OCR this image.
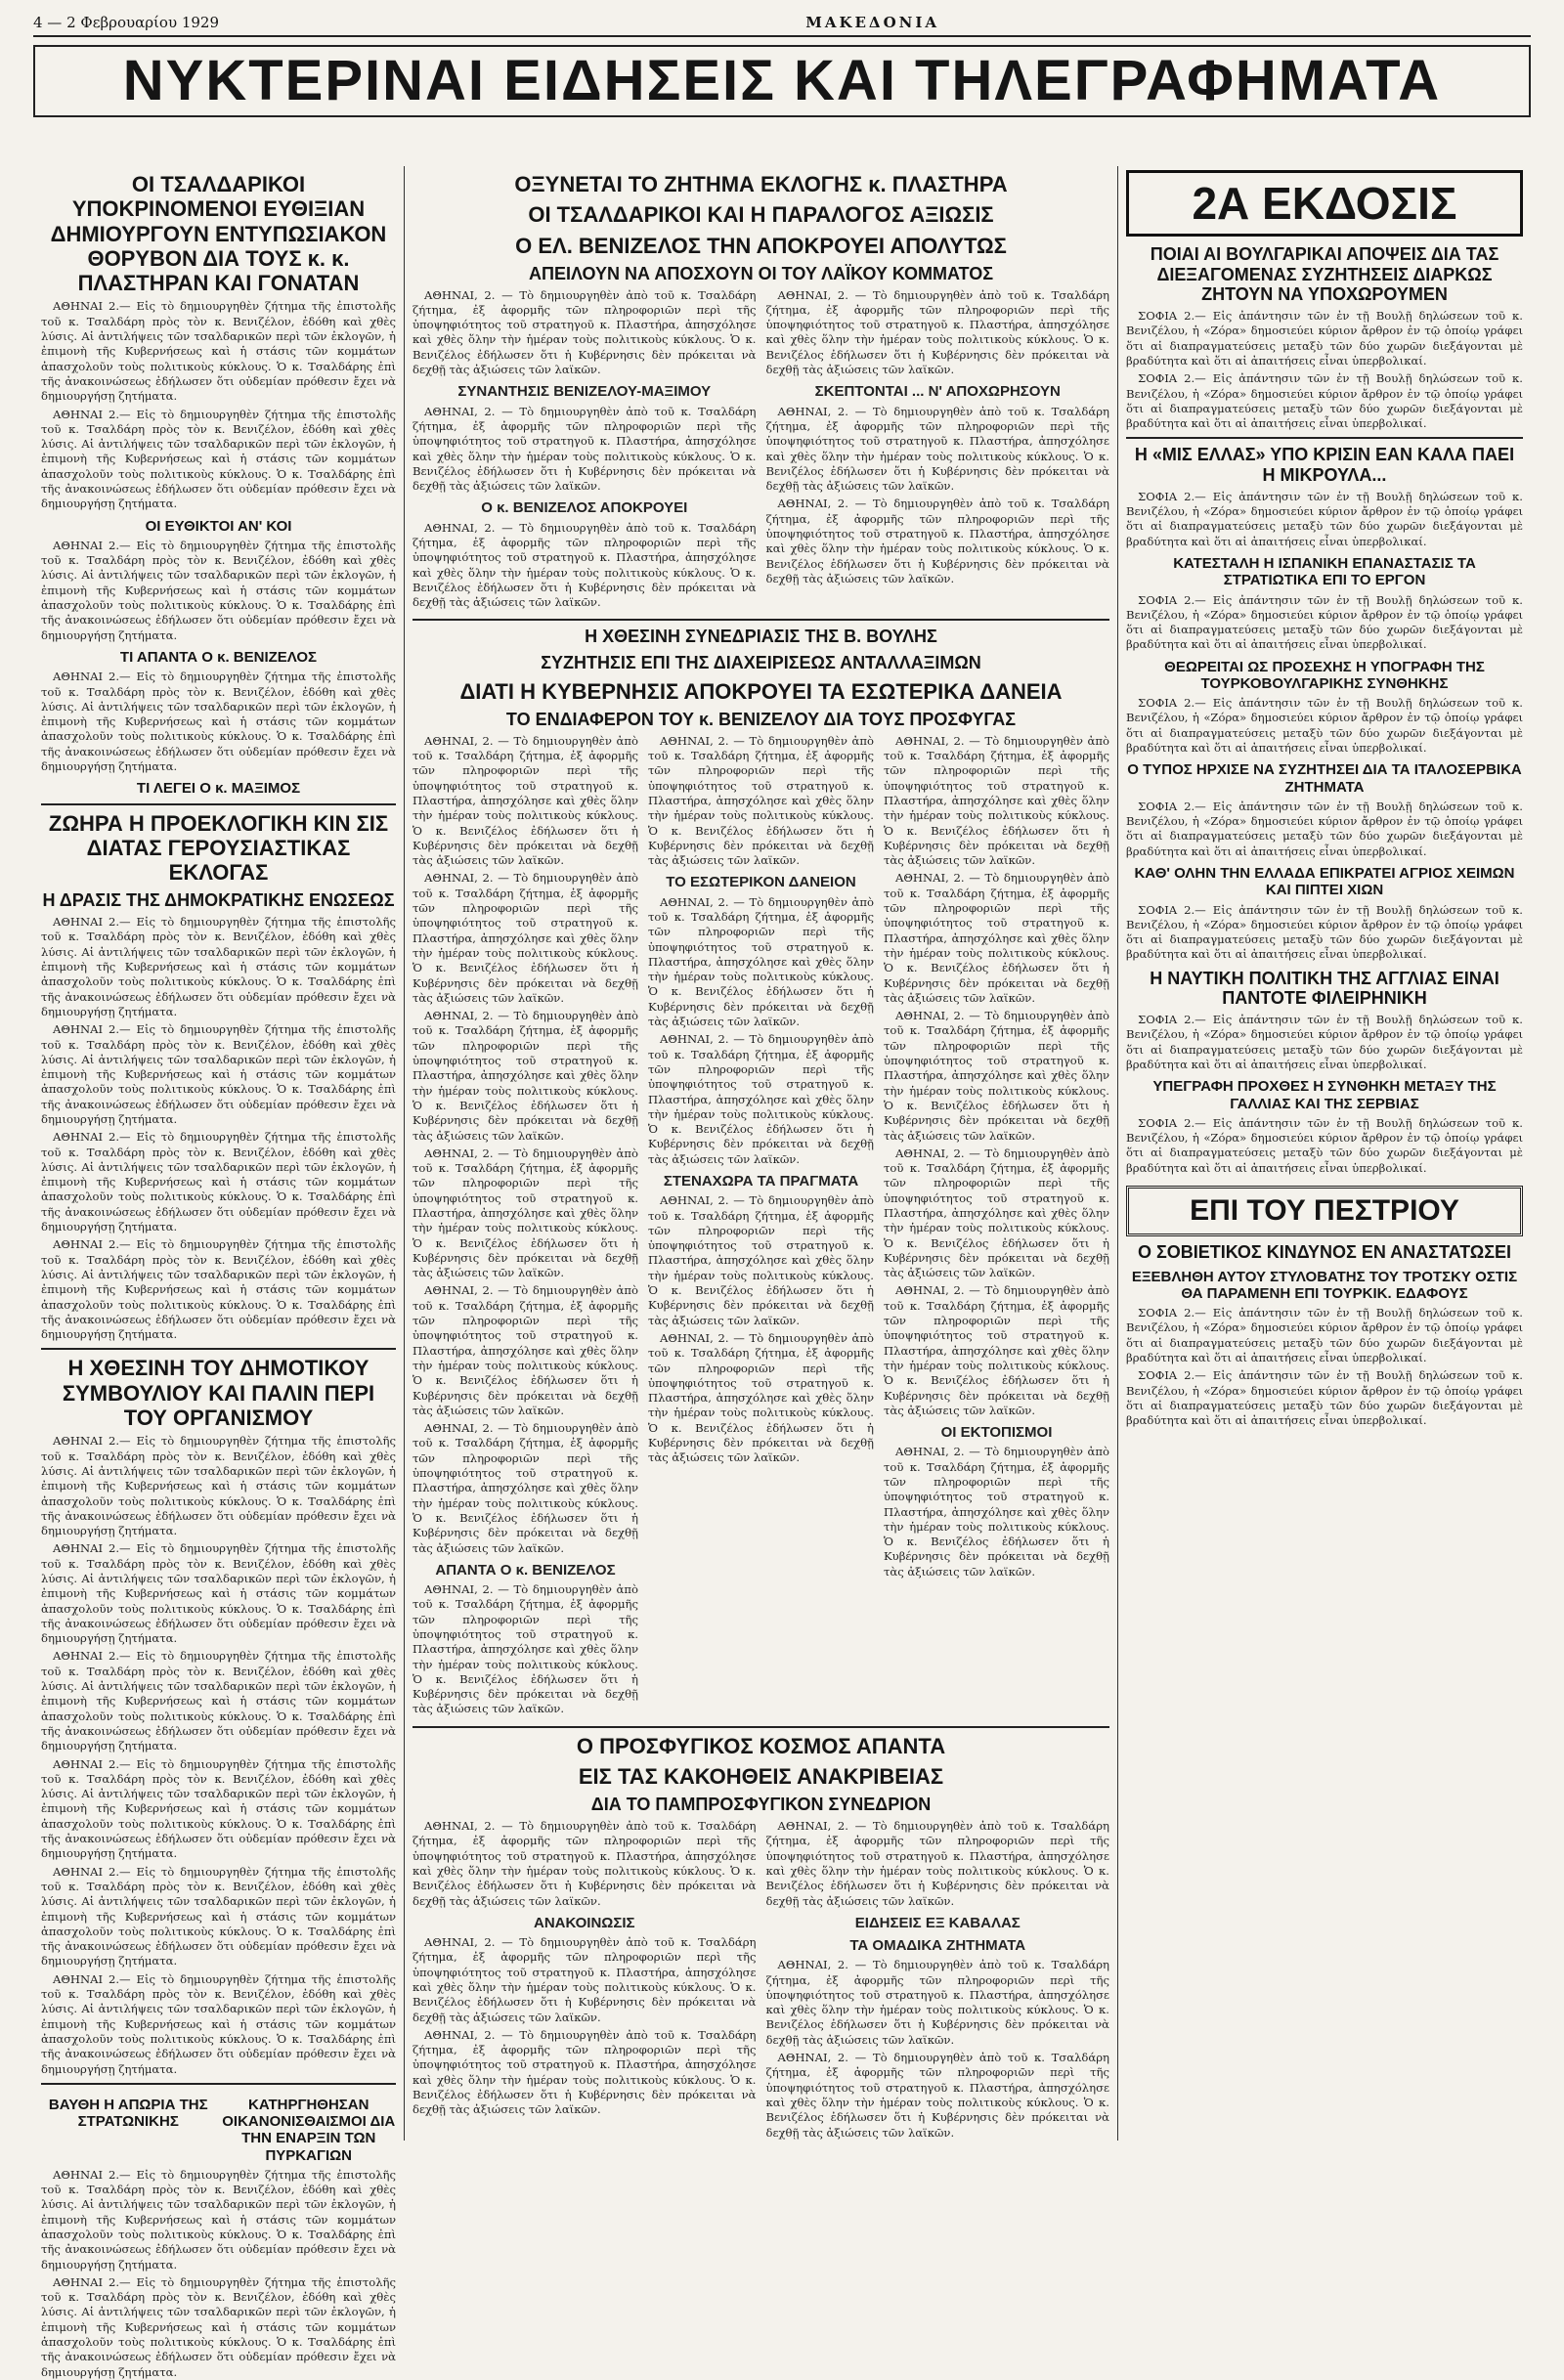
4 — 2 Φεβρουαρίου 1929	ΜΑΚΕΔΟΝΙΑ

ΝΥΚΤΕΡΙΝΑΙ ΕΙΔΗΣΕΙΣ ΚΑΙ ΤΗΛΕΓΡΑΦΗΜΑΤΑ
ΟΙ ΤΣΑΛΔΑΡΙΚΟΙ ΥΠΟΚΡΙΝΟΜΕΝΟΙ ΕΥΘΙΞΙΑΝ ΔΗΜΙΟΥΡΓΟΥΝ ΕΝΤΥΠΩΣΙΑΚΟΝ ΘΟΡΥΒΟΝ ΔΙΑ ΤΟΥΣ κ. κ. ΠΛΑΣΤΗΡΑΝ ΚΑΙ ΓΟΝΑΤΑΝ

ΑΘΗΝΑΙ 2.— Εἰς τὸ δημιουργηθὲν ζήτημα τῆς ἐπιστολῆς τοῦ κ. Τσαλδάρη πρὸς τὸν κ. Βενιζέλον, ἐδόθη καὶ χθὲς λύσις. Αἱ ἀντιλήψεις τῶν τσαλδαρικῶν περὶ τῶν ἐκλογῶν, ἡ ἐπιμονὴ τῆς Κυβερνήσεως καὶ ἡ στάσις τῶν κομμάτων ἀπασχολοῦν τοὺς πολιτικοὺς κύκλους. Ὁ κ. Τσαλδάρης ἐπὶ τῆς ἀνακοινώσεως ἐδήλωσεν ὅτι οὐδεμίαν πρόθεσιν ἔχει νὰ δημιουργήσῃ ζητήματα.

ΑΘΗΝΑΙ 2.— Εἰς τὸ δημιουργηθὲν ζήτημα τῆς ἐπιστολῆς τοῦ κ. Τσαλδάρη πρὸς τὸν κ. Βενιζέλον, ἐδόθη καὶ χθὲς λύσις. Αἱ ἀντιλήψεις τῶν τσαλδαρικῶν περὶ τῶν ἐκλογῶν, ἡ ἐπιμονὴ τῆς Κυβερνήσεως καὶ ἡ στάσις τῶν κομμάτων ἀπασχολοῦν τοὺς πολιτικοὺς κύκλους. Ὁ κ. Τσαλδάρης ἐπὶ τῆς ἀνακοινώσεως ἐδήλωσεν ὅτι οὐδεμίαν πρόθεσιν ἔχει νὰ δημιουργήσῃ ζητήματα.

ΟΙ ΕΥΘΙΚΤΟΙ ΑΝ' ΚΟΙ

ΑΘΗΝΑΙ 2.— Εἰς τὸ δημιουργηθὲν ζήτημα τῆς ἐπιστολῆς τοῦ κ. Τσαλδάρη πρὸς τὸν κ. Βενιζέλον, ἐδόθη καὶ χθὲς λύσις. Αἱ ἀντιλήψεις τῶν τσαλδαρικῶν περὶ τῶν ἐκλογῶν, ἡ ἐπιμονὴ τῆς Κυβερνήσεως καὶ ἡ στάσις τῶν κομμάτων ἀπασχολοῦν τοὺς πολιτικοὺς κύκλους. Ὁ κ. Τσαλδάρης ἐπὶ τῆς ἀνακοινώσεως ἐδήλωσεν ὅτι οὐδεμίαν πρόθεσιν ἔχει νὰ δημιουργήσῃ ζητήματα.

ΤΙ ΑΠΑΝΤΑ Ο κ. ΒΕΝΙΖΕΛΟΣ

ΑΘΗΝΑΙ 2.— Εἰς τὸ δημιουργηθὲν ζήτημα τῆς ἐπιστολῆς τοῦ κ. Τσαλδάρη πρὸς τὸν κ. Βενιζέλον, ἐδόθη καὶ χθὲς λύσις. Αἱ ἀντιλήψεις τῶν τσαλδαρικῶν περὶ τῶν ἐκλογῶν, ἡ ἐπιμονὴ τῆς Κυβερνήσεως καὶ ἡ στάσις τῶν κομμάτων ἀπασχολοῦν τοὺς πολιτικοὺς κύκλους. Ὁ κ. Τσαλδάρης ἐπὶ τῆς ἀνακοινώσεως ἐδήλωσεν ὅτι οὐδεμίαν πρόθεσιν ἔχει νὰ δημιουργήσῃ ζητήματα.

ΤΙ ΛΕΓΕΙ Ο κ. ΜΑΞΙΜΟΣ
ΖΩΗΡΑ Η ΠΡΟΕΚΛΟΓΙΚΗ ΚΙΝ ΣΙΣ ΔΙΑΤΑΣ ΓΕΡΟΥΣΙΑΣΤΙΚΑΣ ΕΚΛΟΓΑΣ
Η ΔΡΑΣΙΣ ΤΗΣ ΔΗΜΟΚΡΑΤΙΚΗΣ ΕΝΩΣΕΩΣ

ΑΘΗΝΑΙ 2.— Εἰς τὸ δημιουργηθὲν ζήτημα τῆς ἐπιστολῆς τοῦ κ. Τσαλδάρη πρὸς τὸν κ. Βενιζέλον, ἐδόθη καὶ χθὲς λύσις. Αἱ ἀντιλήψεις τῶν τσαλδαρικῶν περὶ τῶν ἐκλογῶν, ἡ ἐπιμονὴ τῆς Κυβερνήσεως καὶ ἡ στάσις τῶν κομμάτων ἀπασχολοῦν τοὺς πολιτικοὺς κύκλους. Ὁ κ. Τσαλδάρης ἐπὶ τῆς ἀνακοινώσεως ἐδήλωσεν ὅτι οὐδεμίαν πρόθεσιν ἔχει νὰ δημιουργήσῃ ζητήματα.

ΑΘΗΝΑΙ 2.— Εἰς τὸ δημιουργηθὲν ζήτημα τῆς ἐπιστολῆς τοῦ κ. Τσαλδάρη πρὸς τὸν κ. Βενιζέλον, ἐδόθη καὶ χθὲς λύσις. Αἱ ἀντιλήψεις τῶν τσαλδαρικῶν περὶ τῶν ἐκλογῶν, ἡ ἐπιμονὴ τῆς Κυβερνήσεως καὶ ἡ στάσις τῶν κομμάτων ἀπασχολοῦν τοὺς πολιτικοὺς κύκλους. Ὁ κ. Τσαλδάρης ἐπὶ τῆς ἀνακοινώσεως ἐδήλωσεν ὅτι οὐδεμίαν πρόθεσιν ἔχει νὰ δημιουργήσῃ ζητήματα.

ΑΘΗΝΑΙ 2.— Εἰς τὸ δημιουργηθὲν ζήτημα τῆς ἐπιστολῆς τοῦ κ. Τσαλδάρη πρὸς τὸν κ. Βενιζέλον, ἐδόθη καὶ χθὲς λύσις. Αἱ ἀντιλήψεις τῶν τσαλδαρικῶν περὶ τῶν ἐκλογῶν, ἡ ἐπιμονὴ τῆς Κυβερνήσεως καὶ ἡ στάσις τῶν κομμάτων ἀπασχολοῦν τοὺς πολιτικοὺς κύκλους. Ὁ κ. Τσαλδάρης ἐπὶ τῆς ἀνακοινώσεως ἐδήλωσεν ὅτι οὐδεμίαν πρόθεσιν ἔχει νὰ δημιουργήσῃ ζητήματα.

ΑΘΗΝΑΙ 2.— Εἰς τὸ δημιουργηθὲν ζήτημα τῆς ἐπιστολῆς τοῦ κ. Τσαλδάρη πρὸς τὸν κ. Βενιζέλον, ἐδόθη καὶ χθὲς λύσις. Αἱ ἀντιλήψεις τῶν τσαλδαρικῶν περὶ τῶν ἐκλογῶν, ἡ ἐπιμονὴ τῆς Κυβερνήσεως καὶ ἡ στάσις τῶν κομμάτων ἀπασχολοῦν τοὺς πολιτικοὺς κύκλους. Ὁ κ. Τσαλδάρης ἐπὶ τῆς ἀνακοινώσεως ἐδήλωσεν ὅτι οὐδεμίαν πρόθεσιν ἔχει νὰ δημιουργήσῃ ζητήματα.

Η ΧΘΕΣΙΝΗ ΤΟΥ ΔΗΜΟΤΙΚΟΥ ΣΥΜΒΟΥΛΙΟΥ ΚΑΙ ΠΑΛΙΝ ΠΕΡΙ ΤΟΥ ΟΡΓΑΝΙΣΜΟΥ

ΑΘΗΝΑΙ 2.— Εἰς τὸ δημιουργηθὲν ζήτημα τῆς ἐπιστολῆς τοῦ κ. Τσαλδάρη πρὸς τὸν κ. Βενιζέλον, ἐδόθη καὶ χθὲς λύσις. Αἱ ἀντιλήψεις τῶν τσαλδαρικῶν περὶ τῶν ἐκλογῶν, ἡ ἐπιμονὴ τῆς Κυβερνήσεως καὶ ἡ στάσις τῶν κομμάτων ἀπασχολοῦν τοὺς πολιτικοὺς κύκλους. Ὁ κ. Τσαλδάρης ἐπὶ τῆς ἀνακοινώσεως ἐδήλωσεν ὅτι οὐδεμίαν πρόθεσιν ἔχει νὰ δημιουργήσῃ ζητήματα.

ΑΘΗΝΑΙ 2.— Εἰς τὸ δημιουργηθὲν ζήτημα τῆς ἐπιστολῆς τοῦ κ. Τσαλδάρη πρὸς τὸν κ. Βενιζέλον, ἐδόθη καὶ χθὲς λύσις. Αἱ ἀντιλήψεις τῶν τσαλδαρικῶν περὶ τῶν ἐκλογῶν, ἡ ἐπιμονὴ τῆς Κυβερνήσεως καὶ ἡ στάσις τῶν κομμάτων ἀπασχολοῦν τοὺς πολιτικοὺς κύκλους. Ὁ κ. Τσαλδάρης ἐπὶ τῆς ἀνακοινώσεως ἐδήλωσεν ὅτι οὐδεμίαν πρόθεσιν ἔχει νὰ δημιουργήσῃ ζητήματα.

ΑΘΗΝΑΙ 2.— Εἰς τὸ δημιουργηθὲν ζήτημα τῆς ἐπιστολῆς τοῦ κ. Τσαλδάρη πρὸς τὸν κ. Βενιζέλον, ἐδόθη καὶ χθὲς λύσις. Αἱ ἀντιλήψεις τῶν τσαλδαρικῶν περὶ τῶν ἐκλογῶν, ἡ ἐπιμονὴ τῆς Κυβερνήσεως καὶ ἡ στάσις τῶν κομμάτων ἀπασχολοῦν τοὺς πολιτικοὺς κύκλους. Ὁ κ. Τσαλδάρης ἐπὶ τῆς ἀνακοινώσεως ἐδήλωσεν ὅτι οὐδεμίαν πρόθεσιν ἔχει νὰ δημιουργήσῃ ζητήματα.

ΑΘΗΝΑΙ 2.— Εἰς τὸ δημιουργηθὲν ζήτημα τῆς ἐπιστολῆς τοῦ κ. Τσαλδάρη πρὸς τὸν κ. Βενιζέλον, ἐδόθη καὶ χθὲς λύσις. Αἱ ἀντιλήψεις τῶν τσαλδαρικῶν περὶ τῶν ἐκλογῶν, ἡ ἐπιμονὴ τῆς Κυβερνήσεως καὶ ἡ στάσις τῶν κομμάτων ἀπασχολοῦν τοὺς πολιτικοὺς κύκλους. Ὁ κ. Τσαλδάρης ἐπὶ τῆς ἀνακοινώσεως ἐδήλωσεν ὅτι οὐδεμίαν πρόθεσιν ἔχει νὰ δημιουργήσῃ ζητήματα.

ΑΘΗΝΑΙ 2.— Εἰς τὸ δημιουργηθὲν ζήτημα τῆς ἐπιστολῆς τοῦ κ. Τσαλδάρη πρὸς τὸν κ. Βενιζέλον, ἐδόθη καὶ χθὲς λύσις. Αἱ ἀντιλήψεις τῶν τσαλδαρικῶν περὶ τῶν ἐκλογῶν, ἡ ἐπιμονὴ τῆς Κυβερνήσεως καὶ ἡ στάσις τῶν κομμάτων ἀπασχολοῦν τοὺς πολιτικοὺς κύκλους. Ὁ κ. Τσαλδάρης ἐπὶ τῆς ἀνακοινώσεως ἐδήλωσεν ὅτι οὐδεμίαν πρόθεσιν ἔχει νὰ δημιουργήσῃ ζητήματα.

ΑΘΗΝΑΙ 2.— Εἰς τὸ δημιουργηθὲν ζήτημα τῆς ἐπιστολῆς τοῦ κ. Τσαλδάρη πρὸς τὸν κ. Βενιζέλον, ἐδόθη καὶ χθὲς λύσις. Αἱ ἀντιλήψεις τῶν τσαλδαρικῶν περὶ τῶν ἐκλογῶν, ἡ ἐπιμονὴ τῆς Κυβερνήσεως καὶ ἡ στάσις τῶν κομμάτων ἀπασχολοῦν τοὺς πολιτικοὺς κύκλους. Ὁ κ. Τσαλδάρης ἐπὶ τῆς ἀνακοινώσεως ἐδήλωσεν ὅτι οὐδεμίαν πρόθεσιν ἔχει νὰ δημιουργήσῃ ζητήματα.

ΒΑΥΘΗ Η ΑΠΩΡΙΑ ΤΗΣ ΣΤΡΑΤΩΝΙΚΗΣ
ΚΑΤΗΡΓΗΘΗΣΑΝ ΟΙΚΑΝΟΝΙΣΘΑΙΣΜΟΙ ΔΙΑ ΤΗΝ ΕΝΑΡΞΙΝ ΤΩΝ ΠΥΡΚΑΓΙΩΝ

ΑΘΗΝΑΙ 2.— Εἰς τὸ δημιουργηθὲν ζήτημα τῆς ἐπιστολῆς τοῦ κ. Τσαλδάρη πρὸς τὸν κ. Βενιζέλον, ἐδόθη καὶ χθὲς λύσις. Αἱ ἀντιλήψεις τῶν τσαλδαρικῶν περὶ τῶν ἐκλογῶν, ἡ ἐπιμονὴ τῆς Κυβερνήσεως καὶ ἡ στάσις τῶν κομμάτων ἀπασχολοῦν τοὺς πολιτικοὺς κύκλους. Ὁ κ. Τσαλδάρης ἐπὶ τῆς ἀνακοινώσεως ἐδήλωσεν ὅτι οὐδεμίαν πρόθεσιν ἔχει νὰ δημιουργήσῃ ζητήματα.

ΑΘΗΝΑΙ 2.— Εἰς τὸ δημιουργηθὲν ζήτημα τῆς ἐπιστολῆς τοῦ κ. Τσαλδάρη πρὸς τὸν κ. Βενιζέλον, ἐδόθη καὶ χθὲς λύσις. Αἱ ἀντιλήψεις τῶν τσαλδαρικῶν περὶ τῶν ἐκλογῶν, ἡ ἐπιμονὴ τῆς Κυβερνήσεως καὶ ἡ στάσις τῶν κομμάτων ἀπασχολοῦν τοὺς πολιτικοὺς κύκλους. Ὁ κ. Τσαλδάρης ἐπὶ τῆς ἀνακοινώσεως ἐδήλωσεν ὅτι οὐδεμίαν πρόθεσιν ἔχει νὰ δημιουργήσῃ ζητήματα.

ΟΞΥΝΕΤΑΙ ΤΟ ΖΗΤΗΜΑ ΕΚΛΟΓΗΣ κ. ΠΛΑΣΤΗΡΑ
ΟΙ ΤΣΑΛΔΑΡΙΚΟΙ ΚΑΙ Η ΠΑΡΑΛΟΓΟΣ ΑΞΙΩΣΙΣ
Ο ΕΛ. ΒΕΝΙΖΕΛΟΣ ΤΗΝ ΑΠΟΚΡΟΥΕΙ ΑΠΟΛΥΤΩΣ
ΑΠΕΙΛΟΥΝ ΝΑ ΑΠΟΣΧΟΥΝ ΟΙ ΤΟΥ ΛΑΪΚΟΥ ΚΟΜΜΑΤΟΣ

ΑΘΗΝΑΙ, 2. — Τὸ δημιουργηθὲν ἀπὸ τοῦ κ. Τσαλδάρη ζήτημα, ἐξ ἀφορμῆς τῶν πληροφοριῶν περὶ τῆς ὑποψηφιότητος τοῦ στρατηγοῦ κ. Πλαστήρα, ἀπησχόλησε καὶ χθὲς ὅλην τὴν ἡμέραν τοὺς πολιτικοὺς κύκλους. Ὁ κ. Βενιζέλος ἐδήλωσεν ὅτι ἡ Κυβέρνησις δὲν πρόκειται νὰ δεχθῇ τὰς ἀξιώσεις τῶν λαϊκῶν.

ΣΥΝΑΝΤΗΣΙΣ ΒΕΝΙΖΕΛΟΥ-ΜΑΞΙΜΟΥ

ΑΘΗΝΑΙ, 2. — Τὸ δημιουργηθὲν ἀπὸ τοῦ κ. Τσαλδάρη ζήτημα, ἐξ ἀφορμῆς τῶν πληροφοριῶν περὶ τῆς ὑποψηφιότητος τοῦ στρατηγοῦ κ. Πλαστήρα, ἀπησχόλησε καὶ χθὲς ὅλην τὴν ἡμέραν τοὺς πολιτικοὺς κύκλους. Ὁ κ. Βενιζέλος ἐδήλωσεν ὅτι ἡ Κυβέρνησις δὲν πρόκειται νὰ δεχθῇ τὰς ἀξιώσεις τῶν λαϊκῶν.

Ο κ. ΒΕΝΙΖΕΛΟΣ ΑΠΟΚΡΟΥΕΙ

ΑΘΗΝΑΙ, 2. — Τὸ δημιουργηθὲν ἀπὸ τοῦ κ. Τσαλδάρη ζήτημα, ἐξ ἀφορμῆς τῶν πληροφοριῶν περὶ τῆς ὑποψηφιότητος τοῦ στρατηγοῦ κ. Πλαστήρα, ἀπησχόλησε καὶ χθὲς ὅλην τὴν ἡμέραν τοὺς πολιτικοὺς κύκλους. Ὁ κ. Βενιζέλος ἐδήλωσεν ὅτι ἡ Κυβέρνησις δὲν πρόκειται νὰ δεχθῇ τὰς ἀξιώσεις τῶν λαϊκῶν.

ΑΘΗΝΑΙ, 2. — Τὸ δημιουργηθὲν ἀπὸ τοῦ κ. Τσαλδάρη ζήτημα, ἐξ ἀφορμῆς τῶν πληροφοριῶν περὶ τῆς ὑποψηφιότητος τοῦ στρατηγοῦ κ. Πλαστήρα, ἀπησχόλησε καὶ χθὲς ὅλην τὴν ἡμέραν τοὺς πολιτικοὺς κύκλους. Ὁ κ. Βενιζέλος ἐδήλωσεν ὅτι ἡ Κυβέρνησις δὲν πρόκειται νὰ δεχθῇ τὰς ἀξιώσεις τῶν λαϊκῶν.

ΣΚΕΠΤΟΝΤΑΙ ... Ν' ΑΠΟΧΩΡΗΣΟΥΝ

ΑΘΗΝΑΙ, 2. — Τὸ δημιουργηθὲν ἀπὸ τοῦ κ. Τσαλδάρη ζήτημα, ἐξ ἀφορμῆς τῶν πληροφοριῶν περὶ τῆς ὑποψηφιότητος τοῦ στρατηγοῦ κ. Πλαστήρα, ἀπησχόλησε καὶ χθὲς ὅλην τὴν ἡμέραν τοὺς πολιτικοὺς κύκλους. Ὁ κ. Βενιζέλος ἐδήλωσεν ὅτι ἡ Κυβέρνησις δὲν πρόκειται νὰ δεχθῇ τὰς ἀξιώσεις τῶν λαϊκῶν.

ΑΘΗΝΑΙ, 2. — Τὸ δημιουργηθὲν ἀπὸ τοῦ κ. Τσαλδάρη ζήτημα, ἐξ ἀφορμῆς τῶν πληροφοριῶν περὶ τῆς ὑποψηφιότητος τοῦ στρατηγοῦ κ. Πλαστήρα, ἀπησχόλησε καὶ χθὲς ὅλην τὴν ἡμέραν τοὺς πολιτικοὺς κύκλους. Ὁ κ. Βενιζέλος ἐδήλωσεν ὅτι ἡ Κυβέρνησις δὲν πρόκειται νὰ δεχθῇ τὰς ἀξιώσεις τῶν λαϊκῶν.

Η ΧΘΕΣΙΝΗ ΣΥΝΕΔΡΙΑΣΙΣ ΤΗΣ Β. ΒΟΥΛΗΣ
ΣΥΖΗΤΗΣΙΣ ΕΠΙ ΤΗΣ ΔΙΑΧΕΙΡΙΣΕΩΣ ΑΝΤΑΛΛΑΞΙΜΩΝ
ΔΙΑΤΙ Η ΚΥΒΕΡΝΗΣΙΣ ΑΠΟΚΡΟΥΕΙ ΤΑ ΕΣΩΤΕΡΙΚΑ ΔΑΝΕΙΑ
ΤΟ ΕΝΔΙΑΦΕΡΟΝ ΤΟΥ κ. ΒΕΝΙΖΕΛΟΥ ΔΙΑ ΤΟΥΣ ΠΡΟΣΦΥΓΑΣ

ΑΘΗΝΑΙ, 2. — Τὸ δημιουργηθὲν ἀπὸ τοῦ κ. Τσαλδάρη ζήτημα, ἐξ ἀφορμῆς τῶν πληροφοριῶν περὶ τῆς ὑποψηφιότητος τοῦ στρατηγοῦ κ. Πλαστήρα, ἀπησχόλησε καὶ χθὲς ὅλην τὴν ἡμέραν τοὺς πολιτικοὺς κύκλους. Ὁ κ. Βενιζέλος ἐδήλωσεν ὅτι ἡ Κυβέρνησις δὲν πρόκειται νὰ δεχθῇ τὰς ἀξιώσεις τῶν λαϊκῶν.

ΑΘΗΝΑΙ, 2. — Τὸ δημιουργηθὲν ἀπὸ τοῦ κ. Τσαλδάρη ζήτημα, ἐξ ἀφορμῆς τῶν πληροφοριῶν περὶ τῆς ὑποψηφιότητος τοῦ στρατηγοῦ κ. Πλαστήρα, ἀπησχόλησε καὶ χθὲς ὅλην τὴν ἡμέραν τοὺς πολιτικοὺς κύκλους. Ὁ κ. Βενιζέλος ἐδήλωσεν ὅτι ἡ Κυβέρνησις δὲν πρόκειται νὰ δεχθῇ τὰς ἀξιώσεις τῶν λαϊκῶν.

ΑΘΗΝΑΙ, 2. — Τὸ δημιουργηθὲν ἀπὸ τοῦ κ. Τσαλδάρη ζήτημα, ἐξ ἀφορμῆς τῶν πληροφοριῶν περὶ τῆς ὑποψηφιότητος τοῦ στρατηγοῦ κ. Πλαστήρα, ἀπησχόλησε καὶ χθὲς ὅλην τὴν ἡμέραν τοὺς πολιτικοὺς κύκλους. Ὁ κ. Βενιζέλος ἐδήλωσεν ὅτι ἡ Κυβέρνησις δὲν πρόκειται νὰ δεχθῇ τὰς ἀξιώσεις τῶν λαϊκῶν.

ΑΘΗΝΑΙ, 2. — Τὸ δημιουργηθὲν ἀπὸ τοῦ κ. Τσαλδάρη ζήτημα, ἐξ ἀφορμῆς τῶν πληροφοριῶν περὶ τῆς ὑποψηφιότητος τοῦ στρατηγοῦ κ. Πλαστήρα, ἀπησχόλησε καὶ χθὲς ὅλην τὴν ἡμέραν τοὺς πολιτικοὺς κύκλους. Ὁ κ. Βενιζέλος ἐδήλωσεν ὅτι ἡ Κυβέρνησις δὲν πρόκειται νὰ δεχθῇ τὰς ἀξιώσεις τῶν λαϊκῶν.

ΑΘΗΝΑΙ, 2. — Τὸ δημιουργηθὲν ἀπὸ τοῦ κ. Τσαλδάρη ζήτημα, ἐξ ἀφορμῆς τῶν πληροφοριῶν περὶ τῆς ὑποψηφιότητος τοῦ στρατηγοῦ κ. Πλαστήρα, ἀπησχόλησε καὶ χθὲς ὅλην τὴν ἡμέραν τοὺς πολιτικοὺς κύκλους. Ὁ κ. Βενιζέλος ἐδήλωσεν ὅτι ἡ Κυβέρνησις δὲν πρόκειται νὰ δεχθῇ τὰς ἀξιώσεις τῶν λαϊκῶν.

ΑΘΗΝΑΙ, 2. — Τὸ δημιουργηθὲν ἀπὸ τοῦ κ. Τσαλδάρη ζήτημα, ἐξ ἀφορμῆς τῶν πληροφοριῶν περὶ τῆς ὑποψηφιότητος τοῦ στρατηγοῦ κ. Πλαστήρα, ἀπησχόλησε καὶ χθὲς ὅλην τὴν ἡμέραν τοὺς πολιτικοὺς κύκλους. Ὁ κ. Βενιζέλος ἐδήλωσεν ὅτι ἡ Κυβέρνησις δὲν πρόκειται νὰ δεχθῇ τὰς ἀξιώσεις τῶν λαϊκῶν.

ΑΠΑΝΤΑ Ο κ. ΒΕΝΙΖΕΛΟΣ

ΑΘΗΝΑΙ, 2. — Τὸ δημιουργηθὲν ἀπὸ τοῦ κ. Τσαλδάρη ζήτημα, ἐξ ἀφορμῆς τῶν πληροφοριῶν περὶ τῆς ὑποψηφιότητος τοῦ στρατηγοῦ κ. Πλαστήρα, ἀπησχόλησε καὶ χθὲς ὅλην τὴν ἡμέραν τοὺς πολιτικοὺς κύκλους. Ὁ κ. Βενιζέλος ἐδήλωσεν ὅτι ἡ Κυβέρνησις δὲν πρόκειται νὰ δεχθῇ τὰς ἀξιώσεις τῶν λαϊκῶν.

ΑΘΗΝΑΙ, 2. — Τὸ δημιουργηθὲν ἀπὸ τοῦ κ. Τσαλδάρη ζήτημα, ἐξ ἀφορμῆς τῶν πληροφοριῶν περὶ τῆς ὑποψηφιότητος τοῦ στρατηγοῦ κ. Πλαστήρα, ἀπησχόλησε καὶ χθὲς ὅλην τὴν ἡμέραν τοὺς πολιτικοὺς κύκλους. Ὁ κ. Βενιζέλος ἐδήλωσεν ὅτι ἡ Κυβέρνησις δὲν πρόκειται νὰ δεχθῇ τὰς ἀξιώσεις τῶν λαϊκῶν.

ΤΟ ΕΣΩΤΕΡΙΚΟΝ ΔΑΝΕΙΟΝ

ΑΘΗΝΑΙ, 2. — Τὸ δημιουργηθὲν ἀπὸ τοῦ κ. Τσαλδάρη ζήτημα, ἐξ ἀφορμῆς τῶν πληροφοριῶν περὶ τῆς ὑποψηφιότητος τοῦ στρατηγοῦ κ. Πλαστήρα, ἀπησχόλησε καὶ χθὲς ὅλην τὴν ἡμέραν τοὺς πολιτικοὺς κύκλους. Ὁ κ. Βενιζέλος ἐδήλωσεν ὅτι ἡ Κυβέρνησις δὲν πρόκειται νὰ δεχθῇ τὰς ἀξιώσεις τῶν λαϊκῶν.

ΑΘΗΝΑΙ, 2. — Τὸ δημιουργηθὲν ἀπὸ τοῦ κ. Τσαλδάρη ζήτημα, ἐξ ἀφορμῆς τῶν πληροφοριῶν περὶ τῆς ὑποψηφιότητος τοῦ στρατηγοῦ κ. Πλαστήρα, ἀπησχόλησε καὶ χθὲς ὅλην τὴν ἡμέραν τοὺς πολιτικοὺς κύκλους. Ὁ κ. Βενιζέλος ἐδήλωσεν ὅτι ἡ Κυβέρνησις δὲν πρόκειται νὰ δεχθῇ τὰς ἀξιώσεις τῶν λαϊκῶν.

ΣΤΕΝΑΧΩΡΑ ΤΑ ΠΡΑΓΜΑΤΑ

ΑΘΗΝΑΙ, 2. — Τὸ δημιουργηθὲν ἀπὸ τοῦ κ. Τσαλδάρη ζήτημα, ἐξ ἀφορμῆς τῶν πληροφοριῶν περὶ τῆς ὑποψηφιότητος τοῦ στρατηγοῦ κ. Πλαστήρα, ἀπησχόλησε καὶ χθὲς ὅλην τὴν ἡμέραν τοὺς πολιτικοὺς κύκλους. Ὁ κ. Βενιζέλος ἐδήλωσεν ὅτι ἡ Κυβέρνησις δὲν πρόκειται νὰ δεχθῇ τὰς ἀξιώσεις τῶν λαϊκῶν.

ΑΘΗΝΑΙ, 2. — Τὸ δημιουργηθὲν ἀπὸ τοῦ κ. Τσαλδάρη ζήτημα, ἐξ ἀφορμῆς τῶν πληροφοριῶν περὶ τῆς ὑποψηφιότητος τοῦ στρατηγοῦ κ. Πλαστήρα, ἀπησχόλησε καὶ χθὲς ὅλην τὴν ἡμέραν τοὺς πολιτικοὺς κύκλους. Ὁ κ. Βενιζέλος ἐδήλωσεν ὅτι ἡ Κυβέρνησις δὲν πρόκειται νὰ δεχθῇ τὰς ἀξιώσεις τῶν λαϊκῶν.

ΑΘΗΝΑΙ, 2. — Τὸ δημιουργηθὲν ἀπὸ τοῦ κ. Τσαλδάρη ζήτημα, ἐξ ἀφορμῆς τῶν πληροφοριῶν περὶ τῆς ὑποψηφιότητος τοῦ στρατηγοῦ κ. Πλαστήρα, ἀπησχόλησε καὶ χθὲς ὅλην τὴν ἡμέραν τοὺς πολιτικοὺς κύκλους. Ὁ κ. Βενιζέλος ἐδήλωσεν ὅτι ἡ Κυβέρνησις δὲν πρόκειται νὰ δεχθῇ τὰς ἀξιώσεις τῶν λαϊκῶν.

ΑΘΗΝΑΙ, 2. — Τὸ δημιουργηθὲν ἀπὸ τοῦ κ. Τσαλδάρη ζήτημα, ἐξ ἀφορμῆς τῶν πληροφοριῶν περὶ τῆς ὑποψηφιότητος τοῦ στρατηγοῦ κ. Πλαστήρα, ἀπησχόλησε καὶ χθὲς ὅλην τὴν ἡμέραν τοὺς πολιτικοὺς κύκλους. Ὁ κ. Βενιζέλος ἐδήλωσεν ὅτι ἡ Κυβέρνησις δὲν πρόκειται νὰ δεχθῇ τὰς ἀξιώσεις τῶν λαϊκῶν.

ΑΘΗΝΑΙ, 2. — Τὸ δημιουργηθὲν ἀπὸ τοῦ κ. Τσαλδάρη ζήτημα, ἐξ ἀφορμῆς τῶν πληροφοριῶν περὶ τῆς ὑποψηφιότητος τοῦ στρατηγοῦ κ. Πλαστήρα, ἀπησχόλησε καὶ χθὲς ὅλην τὴν ἡμέραν τοὺς πολιτικοὺς κύκλους. Ὁ κ. Βενιζέλος ἐδήλωσεν ὅτι ἡ Κυβέρνησις δὲν πρόκειται νὰ δεχθῇ τὰς ἀξιώσεις τῶν λαϊκῶν.

ΑΘΗΝΑΙ, 2. — Τὸ δημιουργηθὲν ἀπὸ τοῦ κ. Τσαλδάρη ζήτημα, ἐξ ἀφορμῆς τῶν πληροφοριῶν περὶ τῆς ὑποψηφιότητος τοῦ στρατηγοῦ κ. Πλαστήρα, ἀπησχόλησε καὶ χθὲς ὅλην τὴν ἡμέραν τοὺς πολιτικοὺς κύκλους. Ὁ κ. Βενιζέλος ἐδήλωσεν ὅτι ἡ Κυβέρνησις δὲν πρόκειται νὰ δεχθῇ τὰς ἀξιώσεις τῶν λαϊκῶν.

ΑΘΗΝΑΙ, 2. — Τὸ δημιουργηθὲν ἀπὸ τοῦ κ. Τσαλδάρη ζήτημα, ἐξ ἀφορμῆς τῶν πληροφοριῶν περὶ τῆς ὑποψηφιότητος τοῦ στρατηγοῦ κ. Πλαστήρα, ἀπησχόλησε καὶ χθὲς ὅλην τὴν ἡμέραν τοὺς πολιτικοὺς κύκλους. Ὁ κ. Βενιζέλος ἐδήλωσεν ὅτι ἡ Κυβέρνησις δὲν πρόκειται νὰ δεχθῇ τὰς ἀξιώσεις τῶν λαϊκῶν.

ΟΙ ΕΚΤΟΠΙΣΜΟΙ

ΑΘΗΝΑΙ, 2. — Τὸ δημιουργηθὲν ἀπὸ τοῦ κ. Τσαλδάρη ζήτημα, ἐξ ἀφορμῆς τῶν πληροφοριῶν περὶ τῆς ὑποψηφιότητος τοῦ στρατηγοῦ κ. Πλαστήρα, ἀπησχόλησε καὶ χθὲς ὅλην τὴν ἡμέραν τοὺς πολιτικοὺς κύκλους. Ὁ κ. Βενιζέλος ἐδήλωσεν ὅτι ἡ Κυβέρνησις δὲν πρόκειται νὰ δεχθῇ τὰς ἀξιώσεις τῶν λαϊκῶν.

Ο ΠΡΟΣΦΥΓΙΚΟΣ ΚΟΣΜΟΣ ΑΠΑΝΤΑ
ΕΙΣ ΤΑΣ ΚΑΚΟΗΘΕΙΣ ΑΝΑΚΡΙΒΕΙΑΣ
ΔΙΑ ΤΟ ΠΑΜΠΡΟΣΦΥΓΙΚΟΝ ΣΥΝΕΔΡΙΟΝ

ΑΘΗΝΑΙ, 2. — Τὸ δημιουργηθὲν ἀπὸ τοῦ κ. Τσαλδάρη ζήτημα, ἐξ ἀφορμῆς τῶν πληροφοριῶν περὶ τῆς ὑποψηφιότητος τοῦ στρατηγοῦ κ. Πλαστήρα, ἀπησχόλησε καὶ χθὲς ὅλην τὴν ἡμέραν τοὺς πολιτικοὺς κύκλους. Ὁ κ. Βενιζέλος ἐδήλωσεν ὅτι ἡ Κυβέρνησις δὲν πρόκειται νὰ δεχθῇ τὰς ἀξιώσεις τῶν λαϊκῶν.

ΑΝΑΚΟΙΝΩΣΙΣ

ΑΘΗΝΑΙ, 2. — Τὸ δημιουργηθὲν ἀπὸ τοῦ κ. Τσαλδάρη ζήτημα, ἐξ ἀφορμῆς τῶν πληροφοριῶν περὶ τῆς ὑποψηφιότητος τοῦ στρατηγοῦ κ. Πλαστήρα, ἀπησχόλησε καὶ χθὲς ὅλην τὴν ἡμέραν τοὺς πολιτικοὺς κύκλους. Ὁ κ. Βενιζέλος ἐδήλωσεν ὅτι ἡ Κυβέρνησις δὲν πρόκειται νὰ δεχθῇ τὰς ἀξιώσεις τῶν λαϊκῶν.

ΑΘΗΝΑΙ, 2. — Τὸ δημιουργηθὲν ἀπὸ τοῦ κ. Τσαλδάρη ζήτημα, ἐξ ἀφορμῆς τῶν πληροφοριῶν περὶ τῆς ὑποψηφιότητος τοῦ στρατηγοῦ κ. Πλαστήρα, ἀπησχόλησε καὶ χθὲς ὅλην τὴν ἡμέραν τοὺς πολιτικοὺς κύκλους. Ὁ κ. Βενιζέλος ἐδήλωσεν ὅτι ἡ Κυβέρνησις δὲν πρόκειται νὰ δεχθῇ τὰς ἀξιώσεις τῶν λαϊκῶν.

ΑΘΗΝΑΙ, 2. — Τὸ δημιουργηθὲν ἀπὸ τοῦ κ. Τσαλδάρη ζήτημα, ἐξ ἀφορμῆς τῶν πληροφοριῶν περὶ τῆς ὑποψηφιότητος τοῦ στρατηγοῦ κ. Πλαστήρα, ἀπησχόλησε καὶ χθὲς ὅλην τὴν ἡμέραν τοὺς πολιτικοὺς κύκλους. Ὁ κ. Βενιζέλος ἐδήλωσεν ὅτι ἡ Κυβέρνησις δὲν πρόκειται νὰ δεχθῇ τὰς ἀξιώσεις τῶν λαϊκῶν.

ΕΙΔΗΣΕΙΣ ΕΞ ΚΑΒΑΛΑΣ
ΤΑ ΟΜΑΔΙΚΑ ΖΗΤΗΜΑΤΑ

ΑΘΗΝΑΙ, 2. — Τὸ δημιουργηθὲν ἀπὸ τοῦ κ. Τσαλδάρη ζήτημα, ἐξ ἀφορμῆς τῶν πληροφοριῶν περὶ τῆς ὑποψηφιότητος τοῦ στρατηγοῦ κ. Πλαστήρα, ἀπησχόλησε καὶ χθὲς ὅλην τὴν ἡμέραν τοὺς πολιτικοὺς κύκλους. Ὁ κ. Βενιζέλος ἐδήλωσεν ὅτι ἡ Κυβέρνησις δὲν πρόκειται νὰ δεχθῇ τὰς ἀξιώσεις τῶν λαϊκῶν.

ΑΘΗΝΑΙ, 2. — Τὸ δημιουργηθὲν ἀπὸ τοῦ κ. Τσαλδάρη ζήτημα, ἐξ ἀφορμῆς τῶν πληροφοριῶν περὶ τῆς ὑποψηφιότητος τοῦ στρατηγοῦ κ. Πλαστήρα, ἀπησχόλησε καὶ χθὲς ὅλην τὴν ἡμέραν τοὺς πολιτικοὺς κύκλους. Ὁ κ. Βενιζέλος ἐδήλωσεν ὅτι ἡ Κυβέρνησις δὲν πρόκειται νὰ δεχθῇ τὰς ἀξιώσεις τῶν λαϊκῶν.

2Α ΕΚΔΟΣΙΣ
ΠΟΙΑΙ ΑΙ ΒΟΥΛΓΑΡΙΚΑΙ ΑΠΟΨΕΙΣ ΔΙΑ ΤΑΣ ΔΙΕΞΑΓΟΜΕΝΑΣ ΣΥΖΗΤΗΣΕΙΣ ΔΙΑΡΚΩΣ ΖΗΤΟΥΝ ΝΑ ΥΠΟΧΩΡΟΥΜΕΝ

ΣΟΦΙΑ 2.— Εἰς ἀπάντησιν τῶν ἐν τῇ Βουλῇ δηλώσεων τοῦ κ. Βενιζέλου, ἡ «Ζόρα» δημοσιεύει κύριον ἄρθρον ἐν τῷ ὁποίῳ γράφει ὅτι αἱ διαπραγματεύσεις μεταξὺ τῶν δύο χωρῶν διεξάγονται μὲ βραδύτητα καὶ ὅτι αἱ ἀπαιτήσεις εἶναι ὑπερβολικαί.

ΣΟΦΙΑ 2.— Εἰς ἀπάντησιν τῶν ἐν τῇ Βουλῇ δηλώσεων τοῦ κ. Βενιζέλου, ἡ «Ζόρα» δημοσιεύει κύριον ἄρθρον ἐν τῷ ὁποίῳ γράφει ὅτι αἱ διαπραγματεύσεις μεταξὺ τῶν δύο χωρῶν διεξάγονται μὲ βραδύτητα καὶ ὅτι αἱ ἀπαιτήσεις εἶναι ὑπερβολικαί.

Η «ΜΙΣ ΕΛΛΑΣ» ΥΠΟ ΚΡΙΣΙΝ ΕΑΝ ΚΑΛΑ ΠΑΕΙ Η ΜΙΚΡΟΥΛΑ...

ΣΟΦΙΑ 2.— Εἰς ἀπάντησιν τῶν ἐν τῇ Βουλῇ δηλώσεων τοῦ κ. Βενιζέλου, ἡ «Ζόρα» δημοσιεύει κύριον ἄρθρον ἐν τῷ ὁποίῳ γράφει ὅτι αἱ διαπραγματεύσεις μεταξὺ τῶν δύο χωρῶν διεξάγονται μὲ βραδύτητα καὶ ὅτι αἱ ἀπαιτήσεις εἶναι ὑπερβολικαί.

ΚΑΤΕΣΤΑΛΗ Η ΙΣΠΑΝΙΚΗ ΕΠΑΝΑΣΤΑΣΙΣ ΤΑ ΣΤΡΑΤΙΩΤΙΚΑ ΕΠΙ ΤΟ ΕΡΓΟΝ

ΣΟΦΙΑ 2.— Εἰς ἀπάντησιν τῶν ἐν τῇ Βουλῇ δηλώσεων τοῦ κ. Βενιζέλου, ἡ «Ζόρα» δημοσιεύει κύριον ἄρθρον ἐν τῷ ὁποίῳ γράφει ὅτι αἱ διαπραγματεύσεις μεταξὺ τῶν δύο χωρῶν διεξάγονται μὲ βραδύτητα καὶ ὅτι αἱ ἀπαιτήσεις εἶναι ὑπερβολικαί.

ΘΕΩΡΕΙΤΑΙ ΩΣ ΠΡΟΣΕΧΗΣ Η ΥΠΟΓΡΑΦΗ ΤΗΣ ΤΟΥΡΚΟΒΟΥΛΓΑΡΙΚΗΣ ΣΥΝΘΗΚΗΣ

ΣΟΦΙΑ 2.— Εἰς ἀπάντησιν τῶν ἐν τῇ Βουλῇ δηλώσεων τοῦ κ. Βενιζέλου, ἡ «Ζόρα» δημοσιεύει κύριον ἄρθρον ἐν τῷ ὁποίῳ γράφει ὅτι αἱ διαπραγματεύσεις μεταξὺ τῶν δύο χωρῶν διεξάγονται μὲ βραδύτητα καὶ ὅτι αἱ ἀπαιτήσεις εἶναι ὑπερβολικαί.

Ο ΤΥΠΟΣ ΗΡΧΙΣΕ ΝΑ ΣΥΖΗΤΗΣΕΙ ΔΙΑ ΤΑ ΙΤΑΛΟΣΕΡΒΙΚΑ ΖΗΤΗΜΑΤΑ

ΣΟΦΙΑ 2.— Εἰς ἀπάντησιν τῶν ἐν τῇ Βουλῇ δηλώσεων τοῦ κ. Βενιζέλου, ἡ «Ζόρα» δημοσιεύει κύριον ἄρθρον ἐν τῷ ὁποίῳ γράφει ὅτι αἱ διαπραγματεύσεις μεταξὺ τῶν δύο χωρῶν διεξάγονται μὲ βραδύτητα καὶ ὅτι αἱ ἀπαιτήσεις εἶναι ὑπερβολικαί.

ΚΑΘ' ΟΛΗΝ ΤΗΝ ΕΛΛΑΔΑ ΕΠΙΚΡΑΤΕΙ ΑΓΡΙΟΣ ΧΕΙΜΩΝ ΚΑΙ ΠΙΠΤΕΙ ΧΙΩΝ

ΣΟΦΙΑ 2.— Εἰς ἀπάντησιν τῶν ἐν τῇ Βουλῇ δηλώσεων τοῦ κ. Βενιζέλου, ἡ «Ζόρα» δημοσιεύει κύριον ἄρθρον ἐν τῷ ὁποίῳ γράφει ὅτι αἱ διαπραγματεύσεις μεταξὺ τῶν δύο χωρῶν διεξάγονται μὲ βραδύτητα καὶ ὅτι αἱ ἀπαιτήσεις εἶναι ὑπερβολικαί.

Η ΝΑΥΤΙΚΗ ΠΟΛΙΤΙΚΗ ΤΗΣ ΑΓΓΛΙΑΣ ΕΙΝΑΙ ΠΑΝΤΟΤΕ ΦΙΛΕΙΡΗΝΙΚΗ

ΣΟΦΙΑ 2.— Εἰς ἀπάντησιν τῶν ἐν τῇ Βουλῇ δηλώσεων τοῦ κ. Βενιζέλου, ἡ «Ζόρα» δημοσιεύει κύριον ἄρθρον ἐν τῷ ὁποίῳ γράφει ὅτι αἱ διαπραγματεύσεις μεταξὺ τῶν δύο χωρῶν διεξάγονται μὲ βραδύτητα καὶ ὅτι αἱ ἀπαιτήσεις εἶναι ὑπερβολικαί.

ΥΠΕΓΡΑΦΗ ΠΡΟΧΘΕΣ Η ΣΥΝΘΗΚΗ ΜΕΤΑΞΥ ΤΗΣ ΓΑΛΛΙΑΣ ΚΑΙ ΤΗΣ ΣΕΡΒΙΑΣ

ΣΟΦΙΑ 2.— Εἰς ἀπάντησιν τῶν ἐν τῇ Βουλῇ δηλώσεων τοῦ κ. Βενιζέλου, ἡ «Ζόρα» δημοσιεύει κύριον ἄρθρον ἐν τῷ ὁποίῳ γράφει ὅτι αἱ διαπραγματεύσεις μεταξὺ τῶν δύο χωρῶν διεξάγονται μὲ βραδύτητα καὶ ὅτι αἱ ἀπαιτήσεις εἶναι ὑπερβολικαί.

ΕΠΙ ΤΟΥ ΠΕΣΤΡΙΟΥ
Ο ΣΟΒΙΕΤΙΚΟΣ ΚΙΝΔΥΝΟΣ ΕΝ ΑΝΑΣΤΑΤΩΣΕΙ
ΕΞΕΒΛΗΘΗ ΑΥΤΟΥ ΣΤΥΛΟΒΑΤΗΣ ΤΟΥ ΤΡΟΤΣΚΥ ΟΣΤΙΣ ΘΑ ΠΑΡΑΜΕΝΗ ΕΠΙ ΤΟΥΡΚΙΚ. ΕΔΑΦΟΥΣ

ΣΟΦΙΑ 2.— Εἰς ἀπάντησιν τῶν ἐν τῇ Βουλῇ δηλώσεων τοῦ κ. Βενιζέλου, ἡ «Ζόρα» δημοσιεύει κύριον ἄρθρον ἐν τῷ ὁποίῳ γράφει ὅτι αἱ διαπραγματεύσεις μεταξὺ τῶν δύο χωρῶν διεξάγονται μὲ βραδύτητα καὶ ὅτι αἱ ἀπαιτήσεις εἶναι ὑπερβολικαί.

ΣΟΦΙΑ 2.— Εἰς ἀπάντησιν τῶν ἐν τῇ Βουλῇ δηλώσεων τοῦ κ. Βενιζέλου, ἡ «Ζόρα» δημοσιεύει κύριον ἄρθρον ἐν τῷ ὁποίῳ γράφει ὅτι αἱ διαπραγματεύσεις μεταξὺ τῶν δύο χωρῶν διεξάγονται μὲ βραδύτητα καὶ ὅτι αἱ ἀπαιτήσεις εἶναι ὑπερβολικαί.
